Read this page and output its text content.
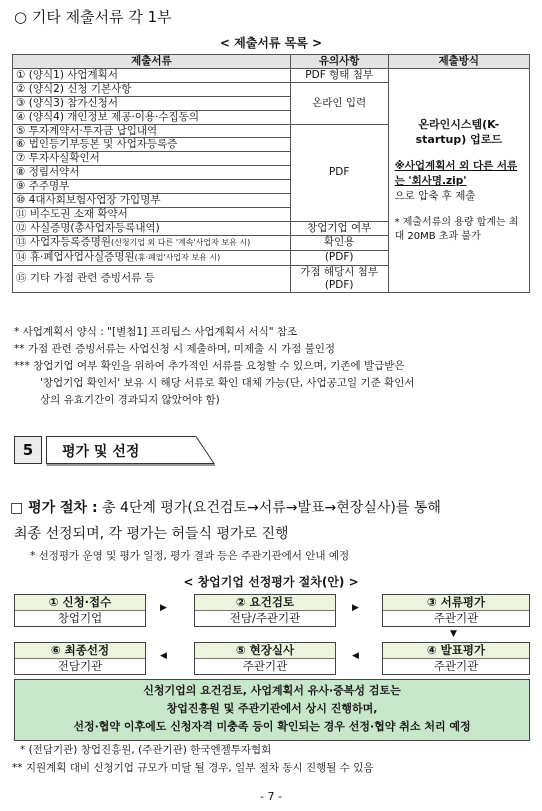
○ 기타 제출서류 각 1부
< 제출서류 목록 >
제출서류	유의사항	제출방식
① (양식1) 사업계획서	PDF 형태 첨부	온라인시스템(K-startup) 업로드
※사업계획서 외 다른 서류는 '회사명.zip'
으로 압축 후 제출
* 제출서류의 용량 합계는 최대 20MB 초과 불가

② (양식2) 신청 기본사항	온라인 입력	
③ (양식3) 참가신청서		
④ (양식4) 개인정보 제공·이용·수집동의		
⑤ 투자계약서·투자금 납입내역	PDF	
⑥ 법인등기부등본 및 사업자등록증		
⑦ 투자사실확인서		
⑧ 정림서약서		
⑨ 주주명부		
⑩ 4대사회보험사업장 가입명부		
⑪ 비수도권 소재 확약서		
⑫ 사실증명(총사업자등록내역)	창업기업 여부	
⑬ 사업자등록증명원(신청기업 외 다른 '계속'사업자 보유 시)	확인용	
⑭ 휴·폐업사업사실증명원(휴·폐업'사업자 보유 시)	(PDF)	
⑮ 기타 가점 관련 증빙서류 등	가점 해당시 첨부(PDF)	

* 사업계획서 양식 : "[별첨1] 프리팁스 사업계획서 서식" 참조

** 가점 관련 증빙서류는 사업신청 시 제출하며, 미제출 시 가점 불인정

*** 창업기업 여부 확인을 위하여 추가적인 서류를 요청할 수 있으며, 기존에 발급받은

'창업기업 확인서' 보유 시 해당 서류로 확인 대체 가능(단, 사업공고일 기준 확인서

상의 유효기간이 경과되지 않았어야 함)

5	평가 및 선정
□ 평가 절차 : 총 4단계 평가(요건검토→서류→발표→현장실사)를 통해
최종 선정되며, 각 평가는 허들식 평가로 진행
* 선정평가 운영 및 평가 일정, 평가 결과 등은 주관기관에서 안내 예정
< 창업기업 선정평가 절차(안) >
① 신청·접수
창업기업
▶	② 요건검토
전담/주관기관
▶	③ 서류평가
주관기관
▼
④ 발표평가
주관기관
◀
⑤ 현장실사
주관기관
◀
⑥ 최종선정
전담기관
신청기업의 요건검토, 사업계획서 유사·중복성 검토는
창업진흥원 및 주관기관에서 상시 진행하며,
선정·협약 이후에도 신청자격 미충족 등이 확인되는 경우 선정·협약 취소 처리 예정
* (전담기관) 창업진흥원, (주관기관) 한국엔젤투자협회
** 지원계획 대비 신청기업 규모가 미달 될 경우, 일부 절차 동시 진행될 수 있음
- 7 -
